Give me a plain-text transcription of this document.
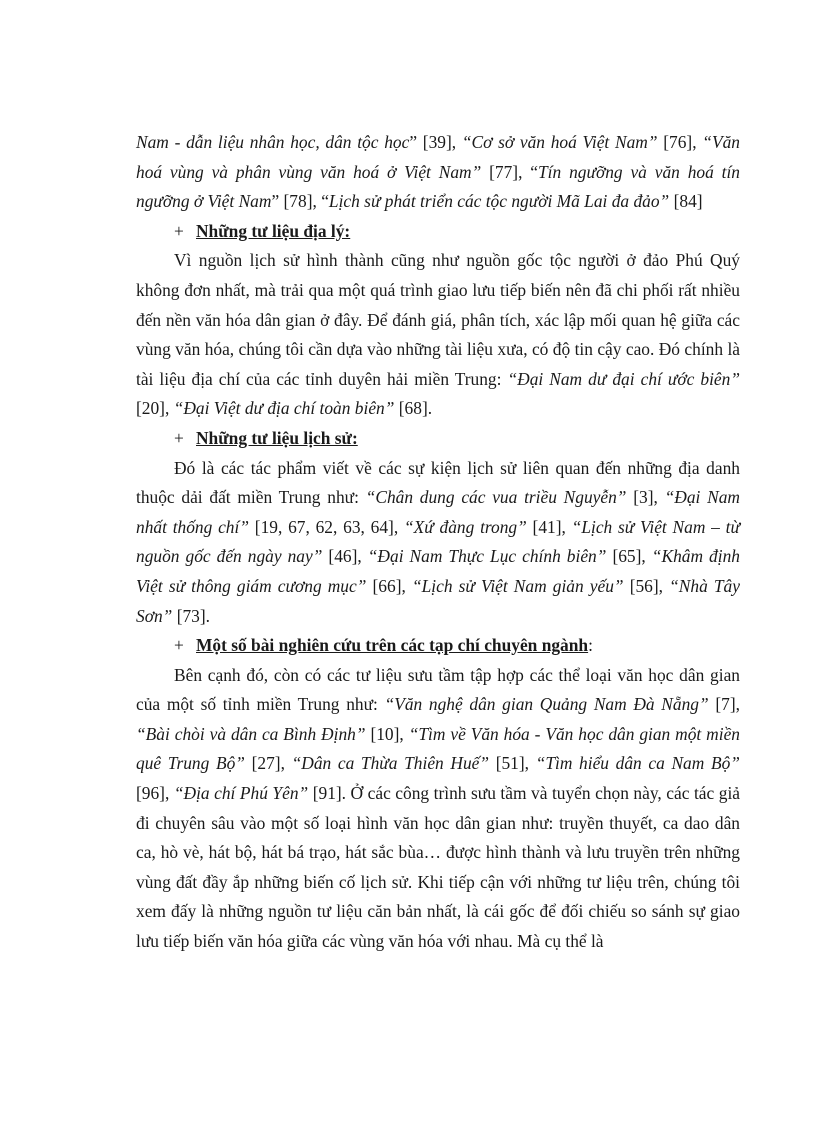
Nam - dẫn liệu nhân học, dân tộc học” [39], “Cơ sở văn hoá Việt Nam” [76], “Văn hoá vùng và phân vùng văn hoá ở Việt Nam” [77], “Tín ngưỡng và văn hoá tín ngưỡng ở Việt Nam” [78], “Lịch sử phát triển các tộc người Mã Lai đa đảo” [84]

+ Những tư liệu địa lý:

Vì nguồn lịch sử hình thành cũng như nguồn gốc tộc người ở đảo Phú Quý không đơn nhất, mà trải qua một quá trình giao lưu tiếp biến nên đã chi phối rất nhiều đến nền văn hóa dân gian ở đây. Để đánh giá, phân tích, xác lập mối quan hệ giữa các vùng văn hóa, chúng tôi cần dựa vào những tài liệu xưa, có độ tin cậy cao. Đó chính là tài liệu địa chí của các tỉnh duyên hải miền Trung: “Đại Nam dư đại chí ước biên” [20], “Đại Việt dư địa chí toàn biên” [68].

+ Những tư liệu lịch sử:

Đó là các tác phẩm viết về các sự kiện lịch sử liên quan đến những địa danh thuộc dải đất miền Trung như: “Chân dung các vua triều Nguyễn” [3], “Đại Nam nhất thống chí” [19, 67, 62, 63, 64], “Xứ đàng trong” [41], “Lịch sử Việt Nam – từ nguồn gốc đến ngày nay” [46], “Đại Nam Thực Lục chính biên” [65], “Khâm định Việt sử thông giám cương mục” [66], “Lịch sử Việt Nam giản yếu” [56], “Nhà Tây Sơn” [73].

+ Một số bài nghiên cứu trên các tạp chí chuyên ngành:

Bên cạnh đó, còn có các tư liệu sưu tầm tập hợp các thể loại văn học dân gian của một số tỉnh miền Trung như: “Văn nghệ dân gian Quảng Nam Đà Nẵng” [7], “Bài chòi và dân ca Bình Định” [10], “Tìm về Văn hóa - Văn học dân gian một miền quê Trung Bộ” [27], “Dân ca Thừa Thiên Huế” [51], “Tìm hiểu dân ca Nam Bộ” [96], “Địa chí Phú Yên” [91]. Ở các công trình sưu tầm và tuyển chọn này, các tác giả đi chuyên sâu vào một số loại hình văn học dân gian như: truyền thuyết, ca dao dân ca, hò vè, hát bộ, hát bá trạo, hát sắc bùa… được hình thành và lưu truyền trên những vùng đất đầy ắp những biến cố lịch sử. Khi tiếp cận với những tư liệu trên, chúng tôi xem đấy là những nguồn tư liệu căn bản nhất, là cái gốc để đối chiếu so sánh sự giao lưu tiếp biến văn hóa giữa các vùng văn hóa với nhau. Mà cụ thể là
